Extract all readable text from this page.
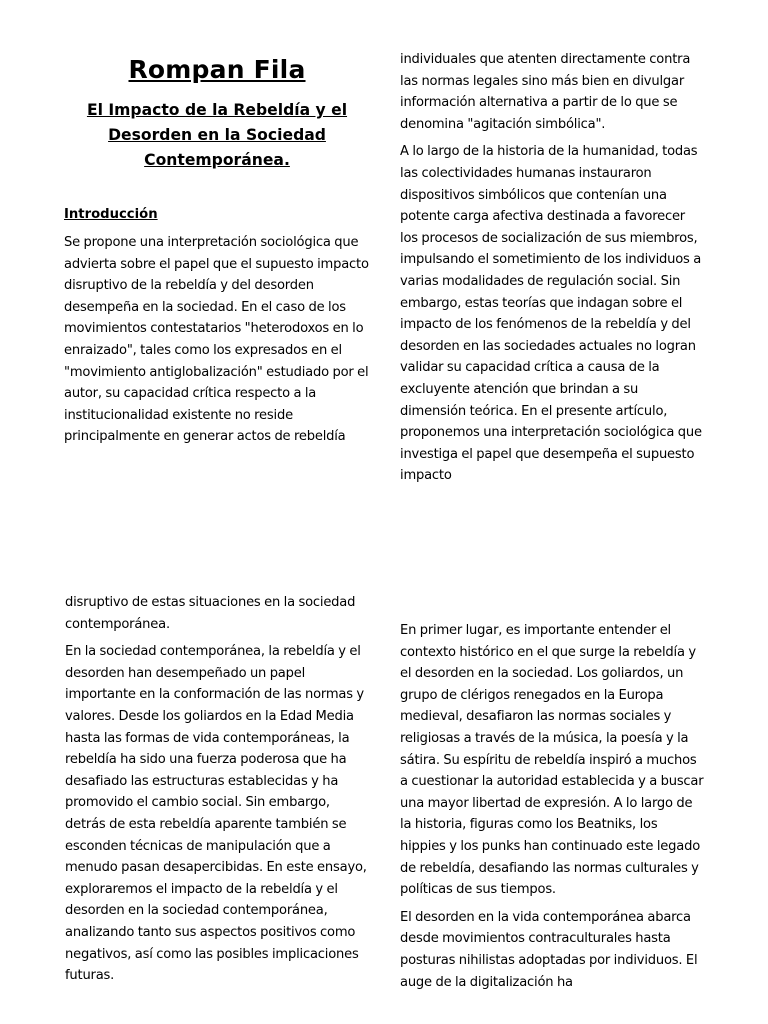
Rompan Fila
El Impacto de la Rebeldía y el Desorden en la Sociedad Contemporánea.
Introducción

Se propone una interpretación sociológica que advierta sobre el papel que el supuesto impacto disruptivo de la rebeldía y del desorden desempeña en la sociedad. En el caso de los movimientos contestatarios "heterodoxos en lo enraizado", tales como los expresados en el "movimiento antiglobalización" estudiado por el autor, su capacidad crítica respecto a la institucionalidad existente no reside principalmente en generar actos de rebeldía

individuales que atenten directamente contra las normas legales sino más bien en divulgar información alternativa a partir de lo que se denomina "agitación simbólica".

A lo largo de la historia de la humanidad, todas las colectividades humanas instauraron dispositivos simbólicos que contenían una potente carga afectiva destinada a favorecer los procesos de socialización de sus miembros, impulsando el sometimiento de los individuos a varias modalidades de regulación social. Sin embargo, estas teorías que indagan sobre el impacto de los fenómenos de la rebeldía y del desorden en las sociedades actuales no logran validar su capacidad crítica a causa de la excluyente atención que brindan a su dimensión teórica. En el presente artículo, proponemos una interpretación sociológica que investiga el papel que desempeña el supuesto impacto

disruptivo de estas situaciones en la sociedad contemporánea.

En la sociedad contemporánea, la rebeldía y el desorden han desempeñado un papel importante en la conformación de las normas y valores. Desde los goliardos en la Edad Media hasta las formas de vida contemporáneas, la rebeldía ha sido una fuerza poderosa que ha desafiado las estructuras establecidas y ha promovido el cambio social. Sin embargo, detrás de esta rebeldía aparente también se esconden técnicas de manipulación que a menudo pasan desapercibidas. En este ensayo, exploraremos el impacto de la rebeldía y el desorden en la sociedad contemporánea, analizando tanto sus aspectos positivos como negativos, así como las posibles implicaciones futuras.

En primer lugar, es importante entender el contexto histórico en el que surge la rebeldía y el desorden en la sociedad. Los goliardos, un grupo de clérigos renegados en la Europa medieval, desafiaron las normas sociales y religiosas a través de la música, la poesía y la sátira. Su espíritu de rebeldía inspiró a muchos a cuestionar la autoridad establecida y a buscar una mayor libertad de expresión. A lo largo de la historia, figuras como los Beatniks, los hippies y los punks han continuado este legado de rebeldía, desafiando las normas culturales y políticas de sus tiempos.

El desorden en la vida contemporánea abarca desde movimientos contraculturales hasta posturas nihilistas adoptadas por individuos. El auge de la digitalización ha
